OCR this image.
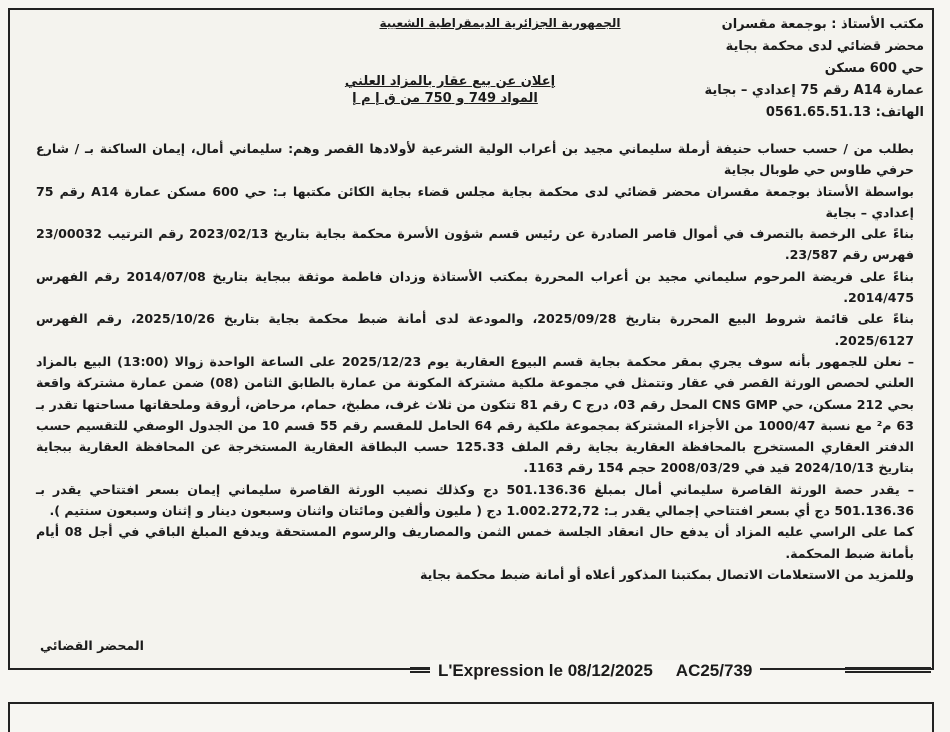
مكتب الأستاذ : بوجمعة مقسران
محضر قضائي لدى محكمة بجاية
حي 600 مسكن
عمارة A14 رقم 75 إعدادي – بجاية
الهاتف: 0561.65.51.13
الجمهورية الجزائرية الديمقراطية الشعبية
إعلان عن بيع عقار بالمزاد العلني
المواد 749 و 750 من ق إ م إ

بطلب من / حسب حساب حنيفة أرملة سليماني مجيد بن أعراب الولية الشرعية لأولادها القصر وهم: سليماني أمال، إيمان الساكنة بـ / شارع حرفي طاوس حي طوبال بجاية

بواسطة الأستاذ بوجمعة مقسران محضر قضائي لدى محكمة بجاية مجلس قضاء بجاية الكائن مكتبها بـ: حي 600 مسكن عمارة A14 رقم 75 إعدادي – بجاية

بناءً على الرخصة بالتصرف في أموال قاصر الصادرة عن رئيس قسم شؤون الأسرة محكمة بجاية بتاريخ 2023/02/13 رقم الترتيب 23/00032 فهرس رقم 23/587.

بناءً على فريضة المرحوم سليماني مجيد بن أعراب المحررة بمكتب الأستاذة وزدان فاطمة موثقة ببجاية بتاريخ 2014/07/08 رقم الفهرس 2014/475.

بناءً على قائمة شروط البيع المحررة بتاريخ 2025/09/28، والمودعة لدى أمانة ضبط محكمة بجاية بتاريخ 2025/10/26، رقم الفهرس 2025/6127.

– نعلن للجمهور بأنه سوف يجري بمقر محكمة بجاية قسم البيوع العقارية يوم 2025/12/23 على الساعة الواحدة زوالا (13:00) البيع بالمزاد العلني لحصص الورثة القصر في عقار وتتمثل في مجموعة ملكية مشتركة المكونة من عمارة بالطابق الثامن (08) ضمن عمارة مشتركة واقعة بحي 212 مسكن، حي CNS GMP المحل رقم 03، درج C رقم 81 تتكون من ثلاث غرف، مطبخ، حمام، مرحاض، أروقة وملحقاتها مساحتها تقدر بـ 63 م² مع نسبة 1000/47 من الأجزاء المشتركة بمجموعة ملكية رقم 64 الحامل للمقسم رقم 55 قسم 10 من الجدول الوصفي للتقسيم حسب الدفتر العقاري المستخرج بالمحافظة العقارية بجاية رقم الملف 125.33 حسب البطاقة العقارية المستخرجة عن المحافظة العقارية ببجاية بتاريخ 2024/10/13 قيد في 2008/03/29 حجم 154 رقم 1163.

– يقدر حصة الورثة القاصرة سليماني أمال بمبلغ 501.136.36 دج وكذلك نصيب الورثة القاصرة سليماني إيمان بسعر افتتاحي يقدر بـ 501.136.36 دج أي بسعر افتتاحي إجمالي يقدر بـ: 1.002.272,72 دج ( مليون وألفين ومائتان واثنان وسبعون دينار و إثنان وسبعون سنتيم ).

كما على الراسي عليه المزاد أن يدفع حال انعقاد الجلسة خمس الثمن والمصاريف والرسوم المستحقة ويدفع المبلغ الباقي في أجل 08 أيام بأمانة ضبط المحكمة.

وللمزيد من الاستعلامات الاتصال بمكتبنا المذكور أعلاه أو أمانة ضبط محكمة بجاية

المحضر القضائي
L'Expression le 08/12/2025 AC25/739
